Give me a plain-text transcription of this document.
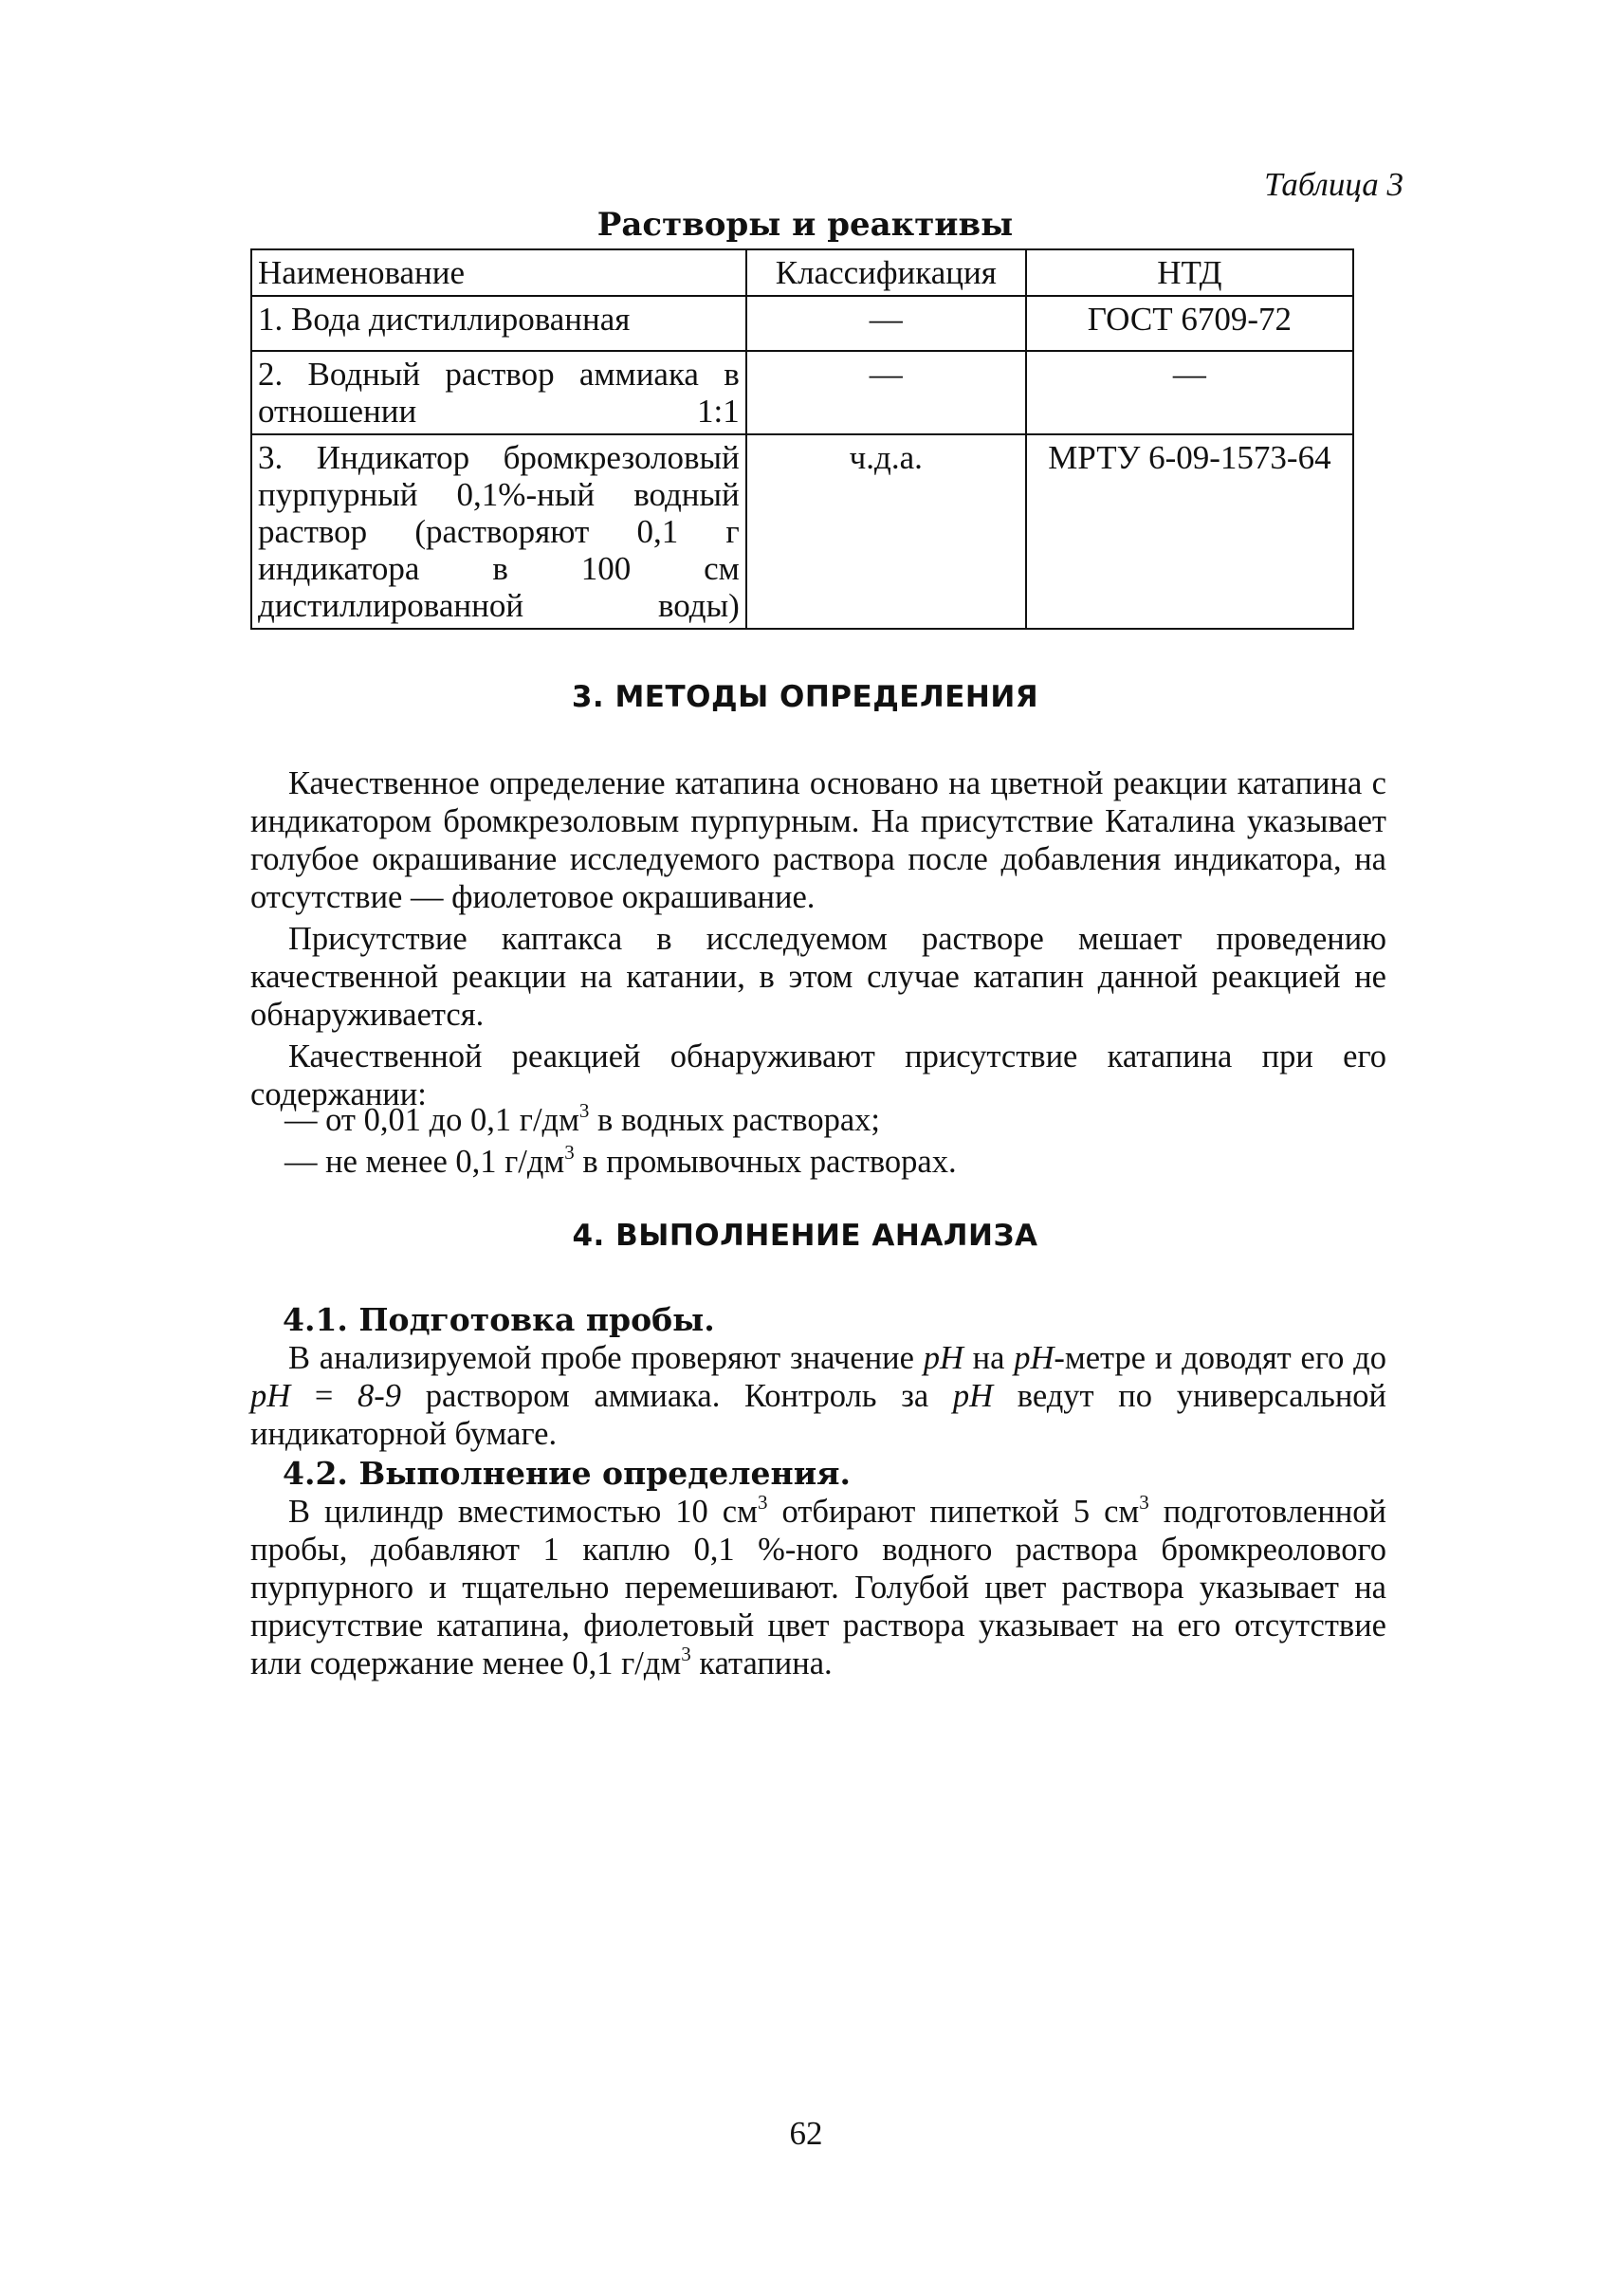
Таблица 3
Растворы и реактивы
Наименование	Классификация	НТД
1. Вода дистиллированная	—	ГОСТ 6709-72
2. Водный раствор аммиака в отношении 1:1	—	—
3. Индикатор бромкрезоловый пурпурный 0,1%-ный водный раствор (растворяют 0,1 г индикатора в 100 см дистиллированной воды)	ч.д.а.	МРТУ 6-09-1573-64
3. МЕТОДЫ ОПРЕДЕЛЕНИЯ

Качественное определение катапина основано на цветной реакции катапина с индикатором бромкрезоловым пурпурным. На присутствие Каталина указывает голубое окрашивание исследуемого раствора после добавления индикатора, на отсутствие — фиолетовое окрашивание.

Присутствие каптакса в исследуемом растворе мешает проведению качественной реакции на катании, в этом случае катапин данной реакцией не обнаруживается.

Качественной реакцией обнаруживают присутствие катапина при его содержании:

— от 0,01 до 0,1 $г/дм^3$ в водных растворах;
— не менее 0,1 $г/дм^3$ в промывочных растворах.
4. ВЫПОЛНЕНИЕ АНАЛИЗА
4.1. Подготовка пробы.

В анализируемой пробе проверяют значение pH на pH-метре и доводят его до pH = 8-9 раствором аммиака. Контроль за pH ведут по универсальной индикаторной бумаге.

4.2. Выполнение определения.

В цилиндр вместимостью 10 $см^3$ отбирают пипеткой 5 $см^3$ подготовленной пробы, добавляют 1 каплю 0,1 %-ного водного раствора бромкреолового пурпурного и тщательно перемешивают. Голубой цвет раствора указывает на присутствие катапина, фиолетовый цвет раствора указывает на его отсутствие или содержание менее 0,1 $г/дм^3$ катапина.

62
